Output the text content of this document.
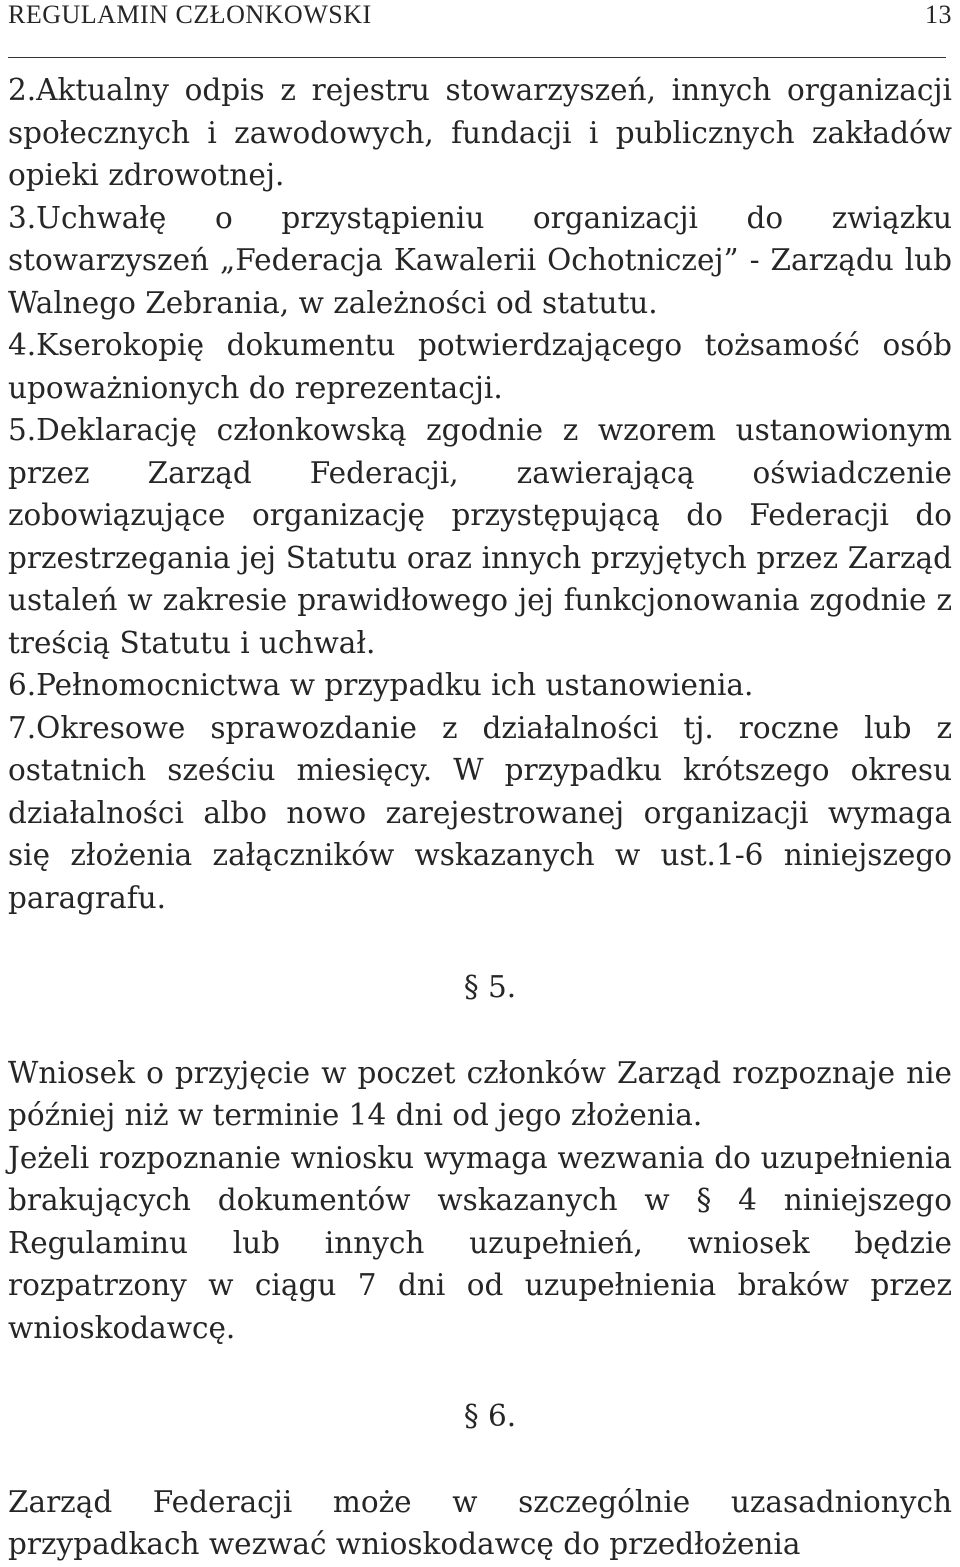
REGULAMIN CZŁONKOWSKI	13

2.Aktualny odpis z rejestru stowarzyszeń, innych organizacji społecznych i zawodowych, fundacji i publicznych zakładów opieki zdrowotnej.

3.Uchwałę o przystąpieniu organizacji do związku stowarzyszeń „Federacja Kawalerii Ochotniczej” - Zarządu lub Walnego Zebrania, w zależności od statutu.

4.Kserokopię dokumentu potwierdzającego tożsamość osób upoważnionych do reprezentacji.

5.Deklarację członkowską zgodnie z wzorem ustanowionym przez Zarząd Federacji, zawierającą oświadczenie zobowiązujące organizację przystępującą do Federacji do przestrzegania jej Statutu oraz innych przyjętych przez Zarząd ustaleń w zakresie prawidłowego jej funkcjonowania zgodnie z treścią Statutu i uchwał.

6.Pełnomocnictwa w przypadku ich ustanowienia.

7.Okresowe sprawozdanie z działalności tj. roczne lub z ostatnich sześciu miesięcy. W przypadku krótszego okresu działalności albo nowo zarejestrowanej organizacji wymaga się złożenia załączników wskazanych w ust.1-6 niniejszego paragrafu.

§ 5.

Wniosek o przyjęcie w poczet członków Zarząd rozpoznaje nie później niż w terminie 14 dni od jego złożenia.

Jeżeli rozpoznanie wniosku wymaga wezwania do uzupełnienia brakujących dokumentów wskazanych w § 4 niniejszego Regulaminu lub innych uzupełnień, wniosek będzie rozpatrzony w ciągu 7 dni od uzupełnienia braków przez wnioskodawcę.

§ 6.

Zarząd Federacji może w szczególnie uzasadnionych przypadkach wezwać wnioskodawcę do przedłożenia
